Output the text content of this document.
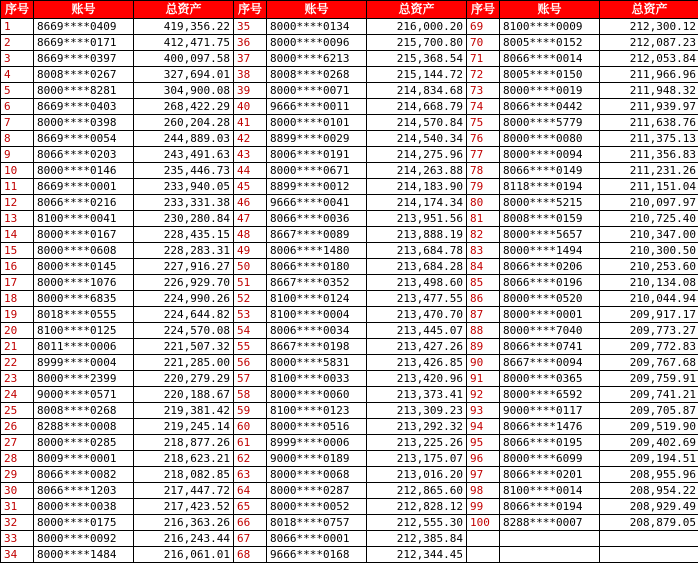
序号	账号	总资产	序号	账号	总资产	序号	账号	总资产
1	8669****0409	419,356.22	35	8000****0134	216,000.20	69	8100****0009	212,300.12
2	8669****0171	412,471.75	36	8000****0096	215,700.80	70	8005****0152	212,087.23
3	8669****0397	400,097.58	37	8000****6213	215,368.54	71	8066****0014	212,053.84
4	8008****0267	327,694.01	38	8008****0268	215,144.72	72	8005****0150	211,966.96
5	8000****8281	304,900.08	39	8000****0071	214,834.68	73	8000****0019	211,948.32
6	8669****0403	268,422.29	40	9666****0011	214,668.79	74	8066****0442	211,939.97
7	8000****0398	260,204.28	41	8000****0101	214,570.84	75	8000****5779	211,638.76
8	8669****0054	244,889.03	42	8899****0029	214,540.34	76	8000****0080	211,375.13
9	8066****0203	243,491.63	43	8006****0191	214,275.96	77	8000****0094	211,356.83
10	8000****0146	235,446.73	44	8000****0671	214,263.88	78	8066****0149	211,231.26
11	8669****0001	233,940.05	45	8899****0012	214,183.90	79	8118****0194	211,151.04
12	8066****0216	233,331.38	46	9666****0041	214,174.34	80	8000****5215	210,097.97
13	8100****0041	230,280.84	47	8066****0036	213,951.56	81	8008****0159	210,725.40
14	8000****0167	228,435.15	48	8667****0089	213,888.19	82	8000****5657	210,347.00
15	8000****0608	228,283.31	49	8006****1480	213,684.78	83	8000****1494	210,300.50
16	8000****0145	227,916.27	50	8066****0180	213,684.28	84	8066****0206	210,253.60
17	8000****1076	226,929.70	51	8667****0352	213,498.60	85	8066****0196	210,134.08
18	8000****6835	224,990.26	52	8100****0124	213,477.55	86	8000****0520	210,044.94
19	8018****0555	224,644.82	53	8100****0004	213,470.70	87	8000****0001	209,917.17
20	8100****0125	224,570.08	54	8006****0034	213,445.07	88	8000****7040	209,773.27
21	8011****0006	221,507.32	55	8667****0198	213,427.26	89	8066****0741	209,772.83
22	8999****0004	221,285.00	56	8000****5831	213,426.85	90	8667****0094	209,767.68
23	8000****2399	220,279.29	57	8100****0033	213,420.96	91	8000****0365	209,759.91
24	9000****0571	220,188.67	58	8000****0060	213,373.41	92	8000****6592	209,741.21
25	8008****0268	219,381.42	59	8100****0123	213,309.23	93	9000****0117	209,705.87
26	8288****0008	219,245.14	60	8000****0516	213,292.32	94	8066****1476	209,519.90
27	8000****0285	218,877.26	61	8999****0006	213,225.26	95	8066****0195	209,402.69
28	8009****0001	218,623.21	62	9000****0189	213,175.07	96	8000****6099	209,194.51
29	8066****0082	218,082.85	63	8000****0068	213,016.20	97	8066****0201	208,955.96
30	8066****1203	217,447.72	64	8000****0287	212,865.60	98	8100****0014	208,954.22
31	8000****0038	217,423.52	65	8000****0052	212,828.12	99	8066****0194	208,929.49
32	8000****0175	216,363.26	66	8018****0757	212,555.30	100	8288****0007	208,879.05
33	8000****0092	216,243.44	67	8066****0001	212,385.84			
34	8000****1484	216,061.01	68	9666****0168	212,344.45			
